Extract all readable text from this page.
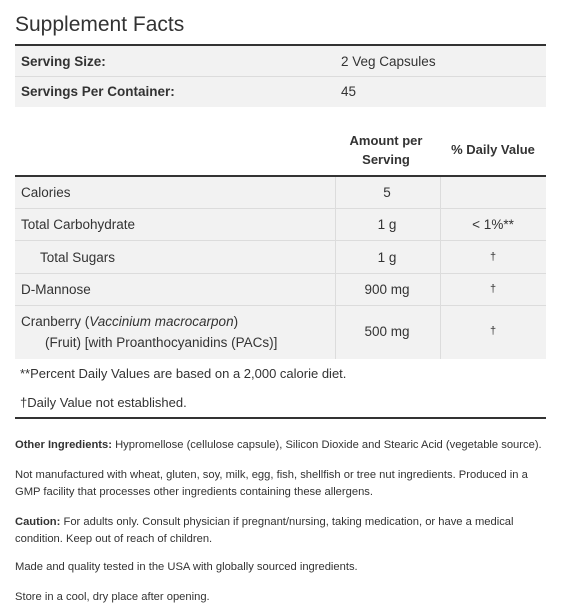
Supplement Facts
Serving Size:	2 Veg Capsules
Servings Per Container:	45
Amount per
Serving
% Daily Value
Calories	5
Total Carbohydrate	1 g	< 1%**
Total Sugars	1 g	†
D-Mannose	900 mg	†
Cranberry (Vaccinium macrocarpon)
(Fruit) [with Proanthocyanidins (PACs)]
500 mg	†
**Percent Daily Values are based on a 2,000 calorie diet.
†Daily Value not established.
Other Ingredients: Hypromellose (cellulose capsule), Silicon Dioxide and Stearic Acid (vegetable source).
Not manufactured with wheat, gluten, soy, milk, egg, fish, shellfish or tree nut ingredients. Produced in a GMP facility that processes other ingredients containing these allergens.
Caution: For adults only. Consult physician if pregnant/nursing, taking medication, or have a medical condition. Keep out of reach of children.
Made and quality tested in the USA with globally sourced ingredients.
Store in a cool, dry place after opening.
